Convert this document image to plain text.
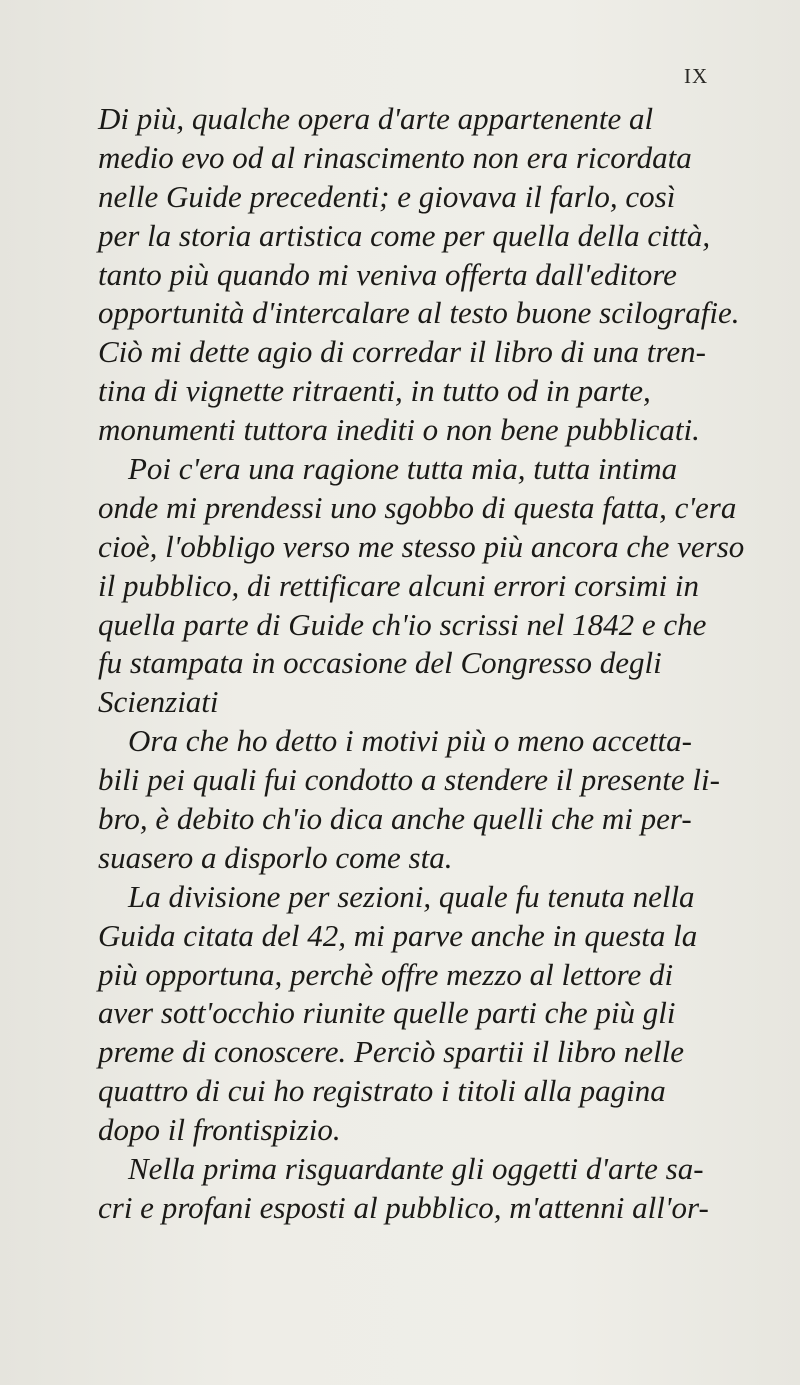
IX
Di più, qualche opera d'arte appartenente al
medio evo od al rinascimento non era ricordata
nelle Guide precedenti; e giovava il farlo, così
per la storia artistica come per quella della città,
tanto più quando mi veniva offerta dall'editore
opportunità d'intercalare al testo buone scilografie.
Ciò mi dette agio di corredar il libro di una tren-
tina di vignette ritraenti, in tutto od in parte,
monumenti tuttora inediti o non bene pubblicati.
Poi c'era una ragione tutta mia, tutta intima
onde mi prendessi uno sgobbo di questa fatta, c'era
cioè, l'obbligo verso me stesso più ancora che verso
il pubblico, di rettificare alcuni errori corsimi in
quella parte di Guide ch'io scrissi nel 1842 e che
fu stampata in occasione del Congresso degli
Scienziati
Ora che ho detto i motivi più o meno accetta-
bili pei quali fui condotto a stendere il presente li-
bro, è debito ch'io dica anche quelli che mi per-
suasero a disporlo come sta.
La divisione per sezioni, quale fu tenuta nella
Guida citata del 42, mi parve anche in questa la
più opportuna, perchè offre mezzo al lettore di
aver sott'occhio riunite quelle parti che più gli
preme di conoscere. Perciò spartii il libro nelle
quattro di cui ho registrato i titoli alla pagina
dopo il frontispizio.
Nella prima risguardante gli oggetti d'arte sa-
cri e profani esposti al pubblico, m'attenni all'or-
